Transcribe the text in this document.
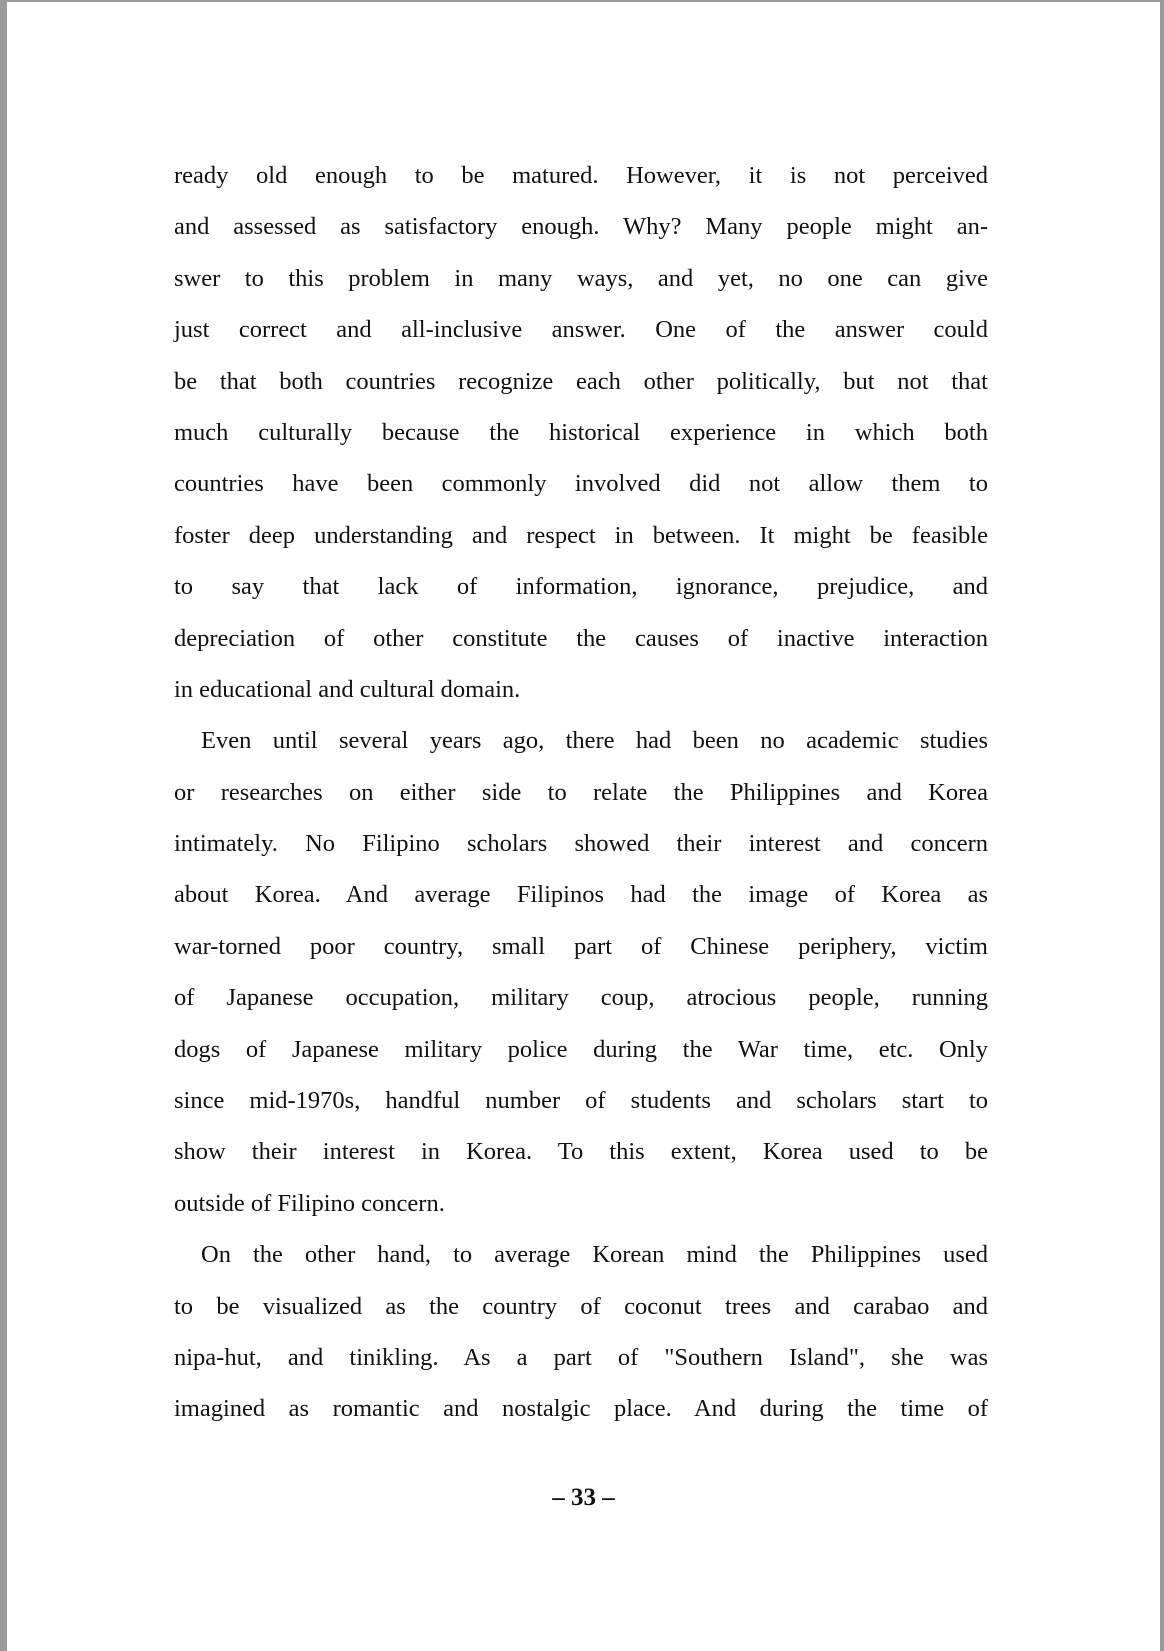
ready old enough to be matured. However, it is not perceived
and assessed as satisfactory enough. Why? Many people might an-
swer to this problem in many ways, and yet, no one can give
just correct and all-inclusive answer. One of the answer could
be that both countries recognize each other politically, but not that
much culturally because the historical experience in which both
countries have been commonly involved did not allow them to
foster deep understanding and respect in between. It might be feasible
to say that lack of information, ignorance, prejudice, and
depreciation of other constitute the causes of inactive interaction
in educational and cultural domain.
Even until several years ago, there had been no academic studies
or researches on either side to relate the Philippines and Korea
intimately. No Filipino scholars showed their interest and concern
about Korea. And average Filipinos had the image of Korea as
war-torned poor country, small part of Chinese periphery, victim
of Japanese occupation, military coup, atrocious people, running
dogs of Japanese military police during the War time, etc. Only
since mid-1970s, handful number of students and scholars start to
show their interest in Korea. To this extent, Korea used to be
outside of Filipino concern.
On the other hand, to average Korean mind the Philippines used
to be visualized as the country of coconut trees and carabao and
nipa-hut, and tinikling. As a part of "Southern Island", she was
imagined as romantic and nostalgic place. And during the time of
– 33 –
